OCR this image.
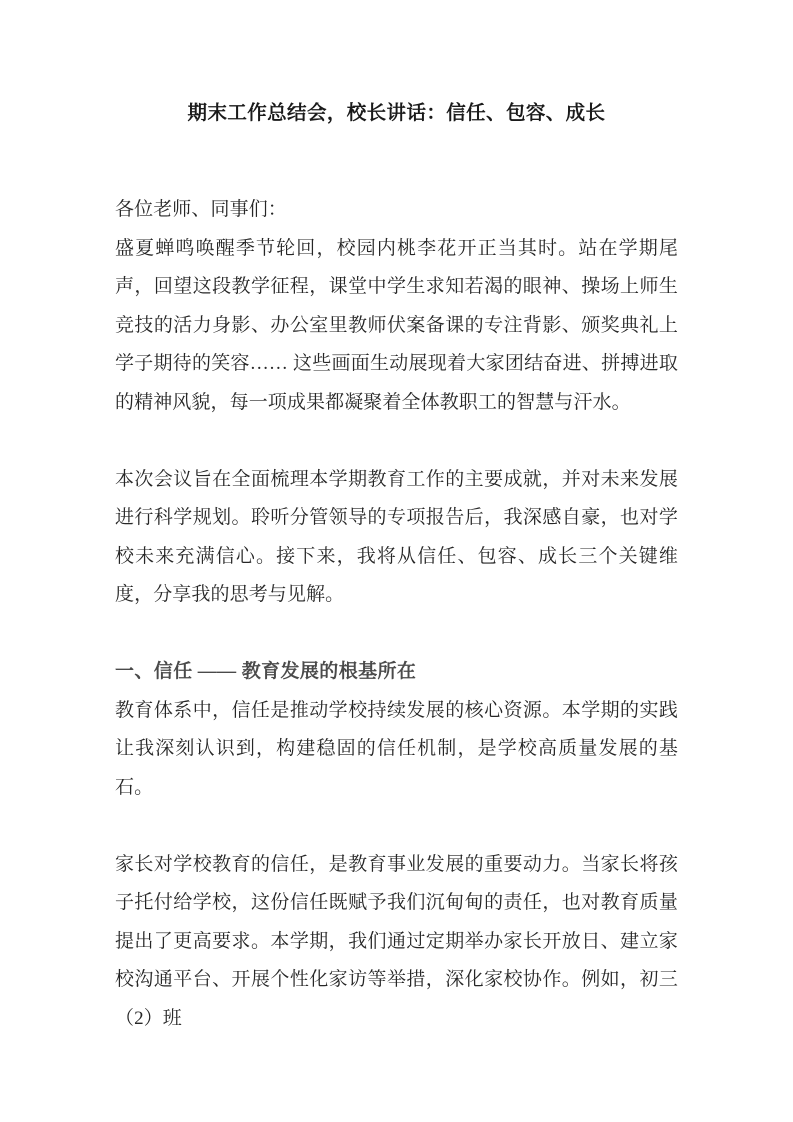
期末工作总结会，校长讲话：信任、包容、成长

各位老师、同事们：

盛夏蝉鸣唤醒季节轮回，校园内桃李花开正当其时。站在学期尾声，回望这段教学征程，课堂中学生求知若渴的眼神、操场上师生竞技的活力身影、办公室里教师伏案备课的专注背影、颁奖典礼上学子期待的笑容…… 这些画面生动展现着大家团结奋进、拼搏进取的精神风貌，每一项成果都凝聚着全体教职工的智慧与汗水。

本次会议旨在全面梳理本学期教育工作的主要成就，并对未来发展进行科学规划。聆听分管领导的专项报告后，我深感自豪，也对学校未来充满信心。接下来，我将从信任、包容、成长三个关键维度，分享我的思考与见解。

一、信任 —— 教育发展的根基所在

教育体系中，信任是推动学校持续发展的核心资源。本学期的实践让我深刻认识到，构建稳固的信任机制，是学校高质量发展的基石。

家长对学校教育的信任，是教育事业发展的重要动力。当家长将孩子托付给学校，这份信任既赋予我们沉甸甸的责任，也对教育质量提出了更高要求。本学期，我们通过定期举办家长开放日、建立家校沟通平台、开展个性化家访等举措，深化家校协作。例如，初三（2）班
